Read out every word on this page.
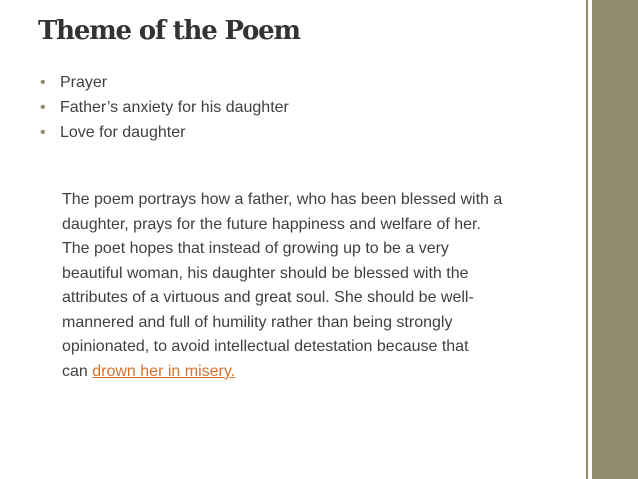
Theme of the Poem
• Prayer
• Father’s anxiety for his daughter
• Love for daughter

The poem portrays how a father, who has been blessed with a
daughter, prays for the future happiness and welfare of her.
The poet hopes that instead of growing up to be a very
beautiful woman, his daughter should be blessed with the
attributes of a virtuous and great soul. She should be well-
mannered and full of humility rather than being strongly
opinionated, to avoid intellectual detestation because that
can drown her in misery.
